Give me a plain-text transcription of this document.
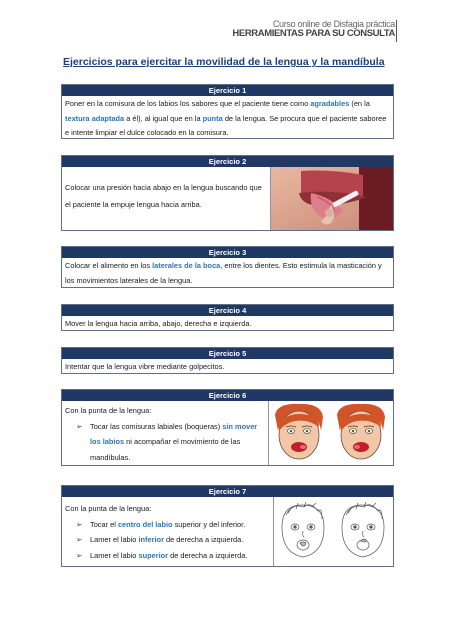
Curso online de Disfagia práctica
HERRAMIENTAS PARA SU CONSULTA
Ejercicios para ejercitar la movilidad de la lengua y la mandíbula
Ejercicio 1
Poner en la comisura de los labios los sabores que el paciente tiene como agradables (en la textura adaptada a él), al igual que en la punta de la lengua. Se procura que el paciente saboree e intente limpiar el dulce colocado en la comisura.
Ejercicio 2
Colocar una presión hacia abajo en la lengua buscando que el paciente la empuje lengua hacia arriba.
Ejercicio 3
Colocar el alimento en los laterales de la boca, entre los dientes. Esto estimula la masticación y los movimientos laterales de la lengua.
Ejercicio 4
Mover la lengua hacia arriba, abajo, derecha e izquierda.
Ejercicio 5
Intentar que la lengua vibre mediante golpecitos.
Ejercicio 6
Con la punta de la lengua:
➢ Tocar las comisuras labiales (boqueras) sin mover los labios ni acompañar el movimiento de las mandíbulas.
Ejercicio 7
Con la punta de la lengua:
➢ Tocar el centro del labio superior y del inferior.
➢ Lamer el labio inferior de derecha a izquierda.
➢ Lamer el labio superior de derecha a izquierda.
